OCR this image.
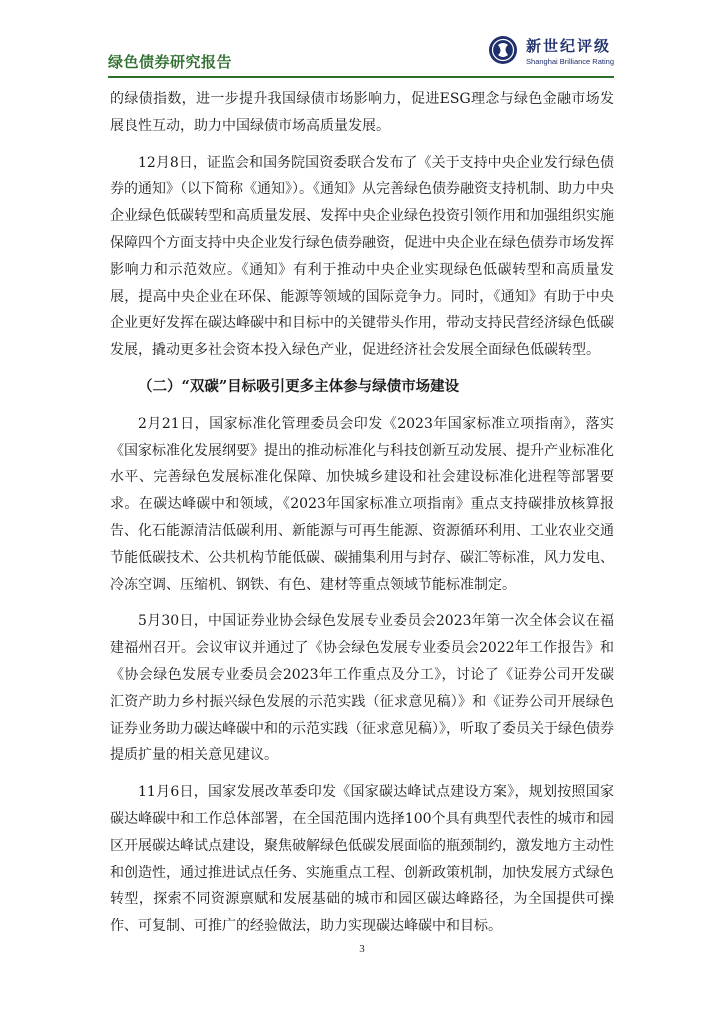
绿色债券研究报告
新世纪评级
Shanghai Brilliance Rating

的绿债指数，进一步提升我国绿债市场影响力，促进ESG理念与绿色金融市场发展良性互动，助力中国绿债市场高质量发展。

12月8日，证监会和国务院国资委联合发布了《关于支持中央企业发行绿色债券的通知》（以下简称《通知》）。《通知》从完善绿色债券融资支持机制、助力中央企业绿色低碳转型和高质量发展、发挥中央企业绿色投资引领作用和加强组织实施保障四个方面支持中央企业发行绿色债券融资，促进中央企业在绿色债券市场发挥影响力和示范效应。《通知》有利于推动中央企业实现绿色低碳转型和高质量发展，提高中央企业在环保、能源等领域的国际竞争力。同时，《通知》有助于中央企业更好发挥在碳达峰碳中和目标中的关键带头作用，带动支持民营经济绿色低碳发展，撬动更多社会资本投入绿色产业，促进经济社会发展全面绿色低碳转型。

（二）“双碳”目标吸引更多主体参与绿债市场建设

2月21日，国家标准化管理委员会印发《2023年国家标准立项指南》，落实《国家标准化发展纲要》提出的推动标准化与科技创新互动发展、提升产业标准化水平、完善绿色发展标准化保障、加快城乡建设和社会建设标准化进程等部署要求。在碳达峰碳中和领域，《2023年国家标准立项指南》重点支持碳排放核算报告、化石能源清洁低碳利用、新能源与可再生能源、资源循环利用、工业农业交通节能低碳技术、公共机构节能低碳、碳捕集利用与封存、碳汇等标准，风力发电、冷冻空调、压缩机、钢铁、有色、建材等重点领域节能标准制定。

5月30日，中国证券业协会绿色发展专业委员会2023年第一次全体会议在福建福州召开。会议审议并通过了《协会绿色发展专业委员会2022年工作报告》和《协会绿色发展专业委员会2023年工作重点及分工》，讨论了《证券公司开发碳汇资产助力乡村振兴绿色发展的示范实践（征求意见稿）》和《证券公司开展绿色证券业务助力碳达峰碳中和的示范实践（征求意见稿）》，听取了委员关于绿色债券提质扩量的相关意见建议。

11月6日，国家发展改革委印发《国家碳达峰试点建设方案》，规划按照国家碳达峰碳中和工作总体部署，在全国范围内选择100个具有典型代表性的城市和园区开展碳达峰试点建设，聚焦破解绿色低碳发展面临的瓶颈制约，激发地方主动性和创造性，通过推进试点任务、实施重点工程、创新政策机制，加快发展方式绿色转型，探索不同资源禀赋和发展基础的城市和园区碳达峰路径，为全国提供可操作、可复制、可推广的经验做法，助力实现碳达峰碳中和目标。

3
